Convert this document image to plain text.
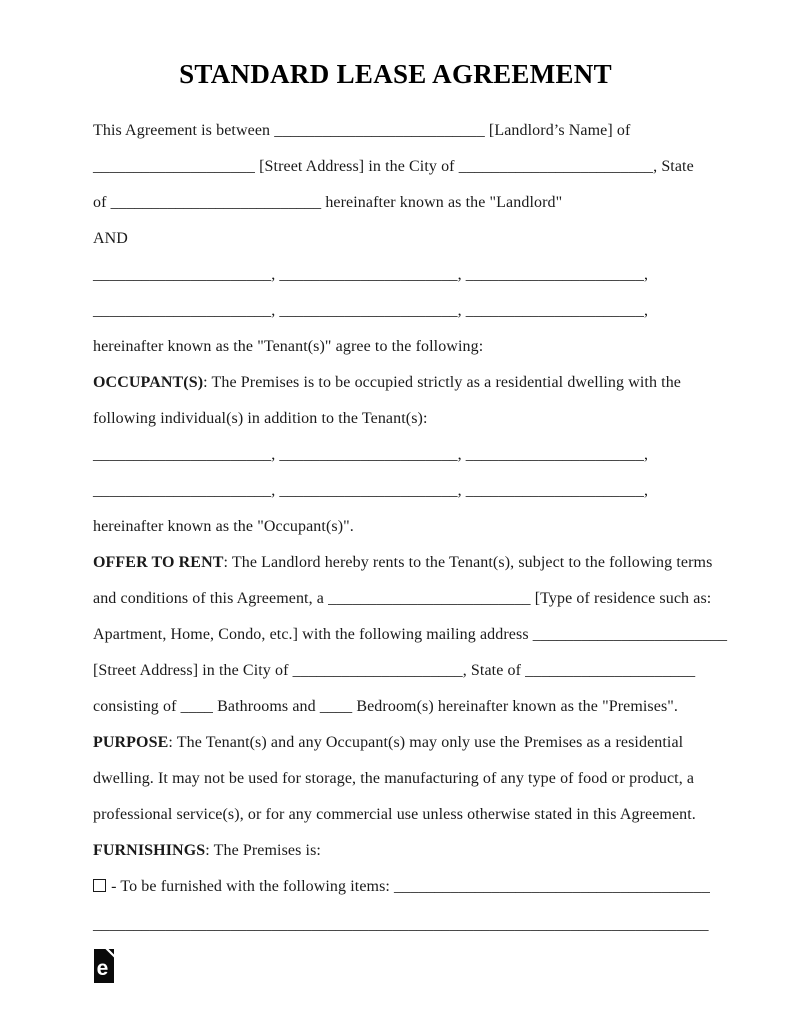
STANDARD LEASE AGREEMENT
This Agreement is between __________________________ [Landlord’s Name] of
____________________ [Street Address] in the City of ________________________, State
of __________________________ hereinafter known as the "Landlord"
AND
______________________, ______________________, ______________________,
______________________, ______________________, ______________________,
hereinafter known as the "Tenant(s)" agree to the following:
OCCUPANT(S): The Premises is to be occupied strictly as a residential dwelling with the
following individual(s) in addition to the Tenant(s):
______________________, ______________________, ______________________,
______________________, ______________________, ______________________,
hereinafter known as the "Occupant(s)".
OFFER TO RENT: The Landlord hereby rents to the Tenant(s), subject to the following terms
and conditions of this Agreement, a _________________________ [Type of residence such as:
Apartment, Home, Condo, etc.] with the following mailing address ________________________
[Street Address] in the City of _____________________, State of _____________________
consisting of ____ Bathrooms and ____ Bedroom(s) hereinafter known as the "Premises".
PURPOSE: The Tenant(s) and any Occupant(s) may only use the Premises as a residential
dwelling. It may not be used for storage, the manufacturing of any type of food or product, a
professional service(s), or for any commercial use unless otherwise stated in this Agreement.
FURNISHINGS: The Premises is:
- To be furnished with the following items: _______________________________________
____________________________________________________________________________
e
